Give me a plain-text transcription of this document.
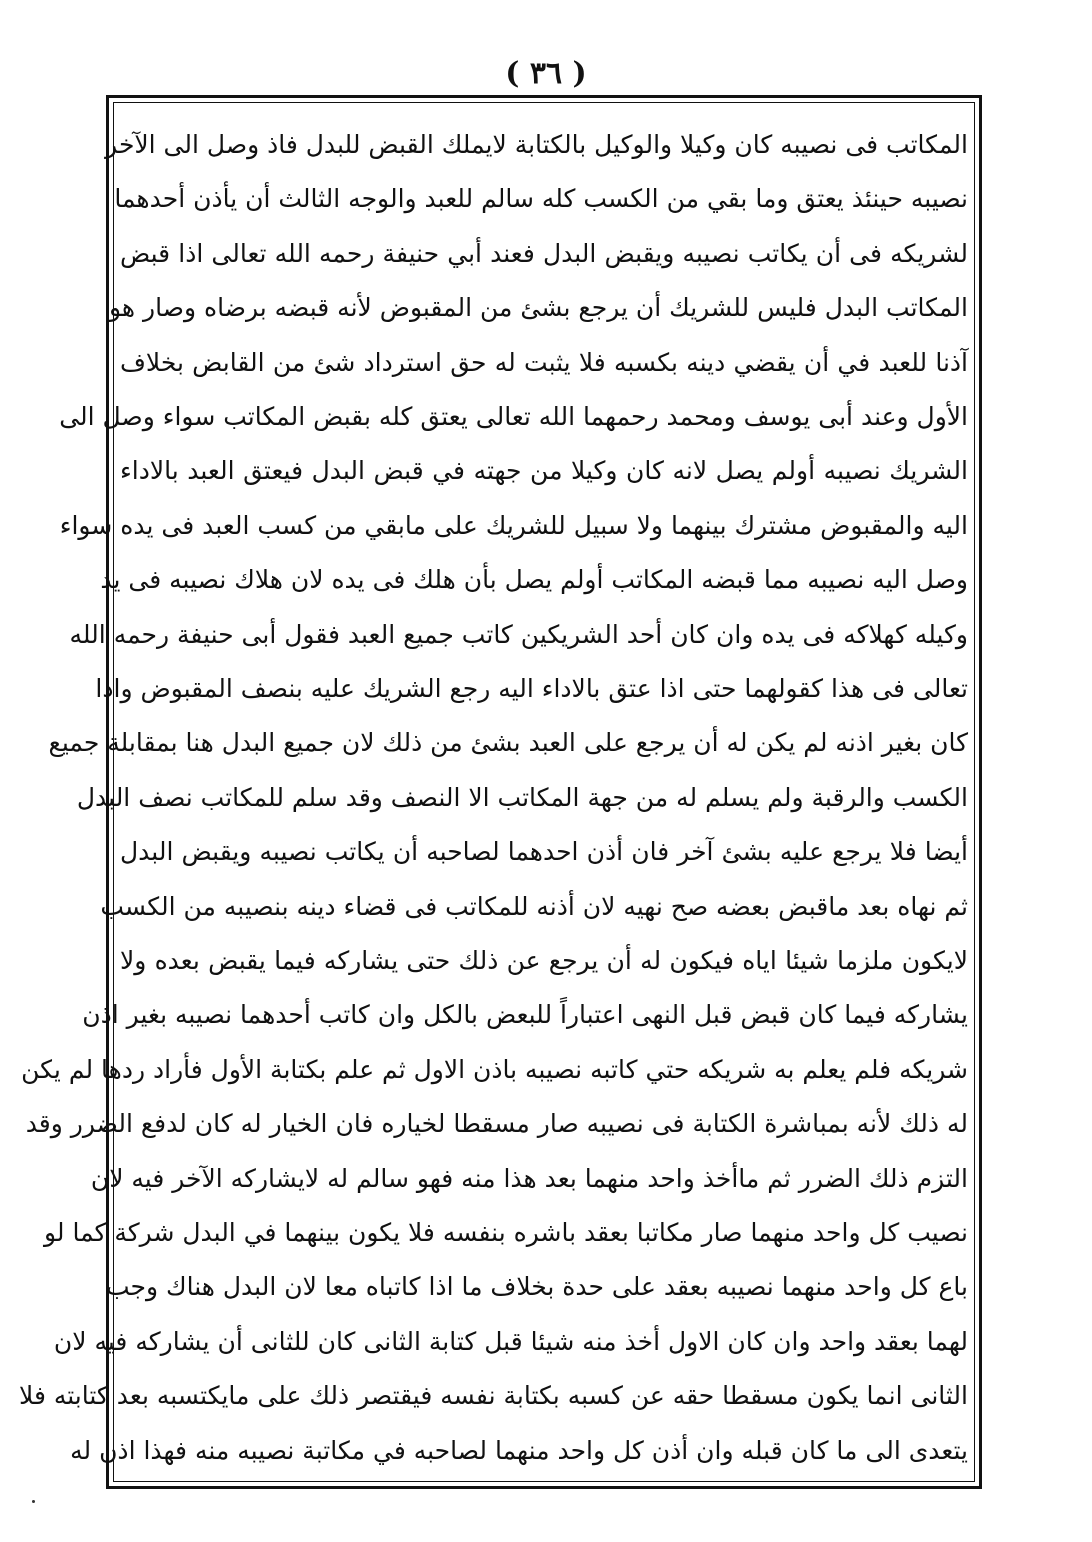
( ٣٦ )
المكاتب فى نصيبه كان وكيلا والوكيل بالكتابة لايملك القبض للبدل فاذ وصل الى الآخر
نصيبه حينئذ يعتق وما بقي من الكسب كله سالم للعبد والوجه الثالث أن يأذن أحدهما
لشريكه فى أن يكاتب نصيبه ويقبض البدل فعند أبي حنيفة رحمه الله تعالى اذا قبض
المكاتب البدل فليس للشريك أن يرجع بشئ من المقبوض لأنه قبضه برضاه وصار هو
آذنا للعبد في أن يقضي دينه بكسبه فلا يثبت له حق استرداد شئ من القابض بخلاف
الأول وعند أبى يوسف ومحمد رحمهما الله تعالى يعتق كله بقبض المكاتب سواء وصل الى
الشريك نصيبه أولم يصل لانه كان وكيلا من جهته في قبض البدل فيعتق العبد بالاداء
اليه والمقبوض مشترك بينهما ولا سبيل للشريك على مابقي من كسب العبد فى يده سواء
وصل اليه نصيبه مما قبضه المكاتب أولم يصل بأن هلك فى يده لان هلاك نصيبه فى يد
وكيله كهلاكه فى يده وان كان أحد الشريكين كاتب جميع العبد فقول أبى حنيفة رحمه الله
تعالى فى هذا كقولهما حتى اذا عتق بالاداء اليه رجع الشريك عليه بنصف المقبوض واذا
كان بغير اذنه لم يكن له أن يرجع على العبد بشئ من ذلك لان جميع البدل هنا بمقابلة جميع
الكسب والرقبة ولم يسلم له من جهة المكاتب الا النصف وقد سلم للمكاتب نصف البدل
أيضا فلا يرجع عليه بشئ آخر فان أذن احدهما لصاحبه أن يكاتب نصيبه ويقبض البدل
ثم نهاه بعد ماقبض بعضه صح نهيه لان أذنه للمكاتب فى قضاء دينه بنصيبه من الكسب
لايكون ملزما شيئا اياه فيكون له أن يرجع عن ذلك حتى يشاركه فيما يقبض بعده ولا
يشاركه فيما كان قبض قبل النهى اعتباراً للبعض بالكل وان كاتب أحدهما نصيبه بغير اذن
شريكه فلم يعلم به شريكه حتي كاتبه نصيبه باذن الاول ثم علم بكتابة الأول فأراد ردها لم يكن
له ذلك لأنه بمباشرة الكتابة فى نصيبه صار مسقطا لخياره فان الخيار له كان لدفع الضرر وقد
التزم ذلك الضرر ثم ماأخذ واحد منهما بعد هذا منه فهو سالم له لايشاركه الآخر فيه لان
نصيب كل واحد منهما صار مكاتبا بعقد باشره بنفسه فلا يكون بينهما في البدل شركة كما لو
باع كل واحد منهما نصيبه بعقد على حدة بخلاف ما اذا كاتباه معا لان البدل هناك وجب
لهما بعقد واحد وان كان الاول أخذ منه شيئا قبل كتابة الثانى كان للثانى أن يشاركه فيه لان
الثانى انما يكون مسقطا حقه عن كسبه بكتابة نفسه فيقتصر ذلك على مايكتسبه بعد كتابته فلا
يتعدى الى ما كان قبله وان أذن كل واحد منهما لصاحبه في مكاتبة نصيبه منه فهذا اذن له
